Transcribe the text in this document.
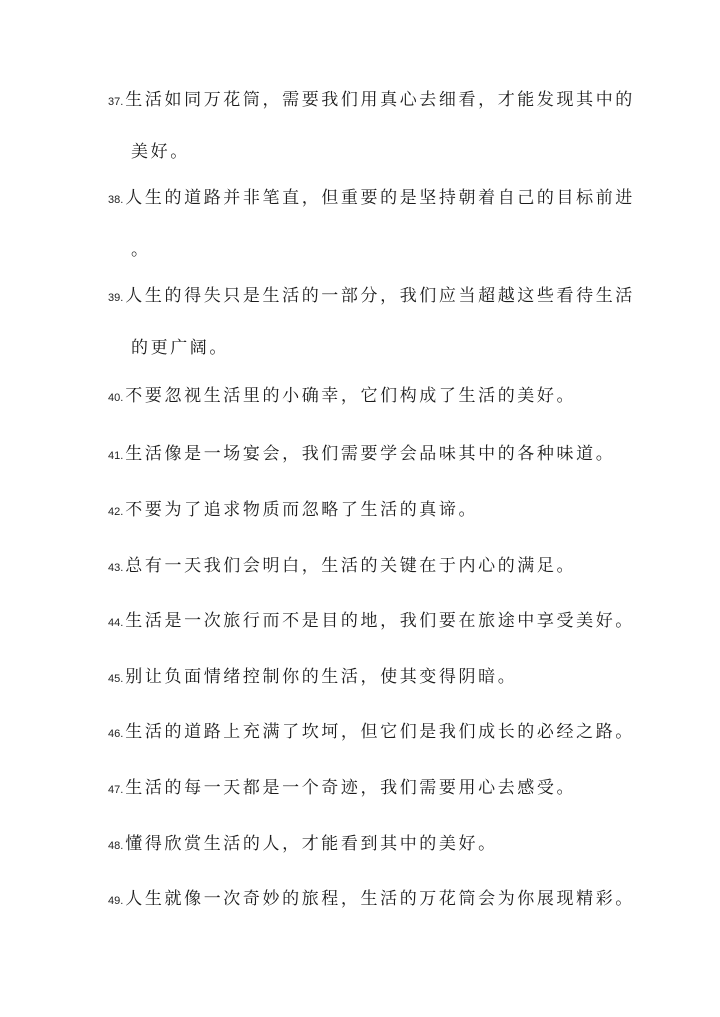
37. 生活如同万花筒，需要我们用真心去细看，才能发现其中的
美好。
38. 人生的道路并非笔直，但重要的是坚持朝着自己的目标前进
。
39. 人生的得失只是生活的一部分，我们应当超越这些看待生活
的更广阔。
40. 不要忽视生活里的小确幸，它们构成了生活的美好。
41. 生活像是一场宴会，我们需要学会品味其中的各种味道。
42. 不要为了追求物质而忽略了生活的真谛。
43. 总有一天我们会明白，生活的关键在于内心的满足。
44. 生活是一次旅行而不是目的地，我们要在旅途中享受美好。
45. 别让负面情绪控制你的生活，使其变得阴暗。
46. 生活的道路上充满了坎坷，但它们是我们成长的必经之路。
47. 生活的每一天都是一个奇迹，我们需要用心去感受。
48. 懂得欣赏生活的人，才能看到其中的美好。
49. 人生就像一次奇妙的旅程，生活的万花筒会为你展现精彩。
